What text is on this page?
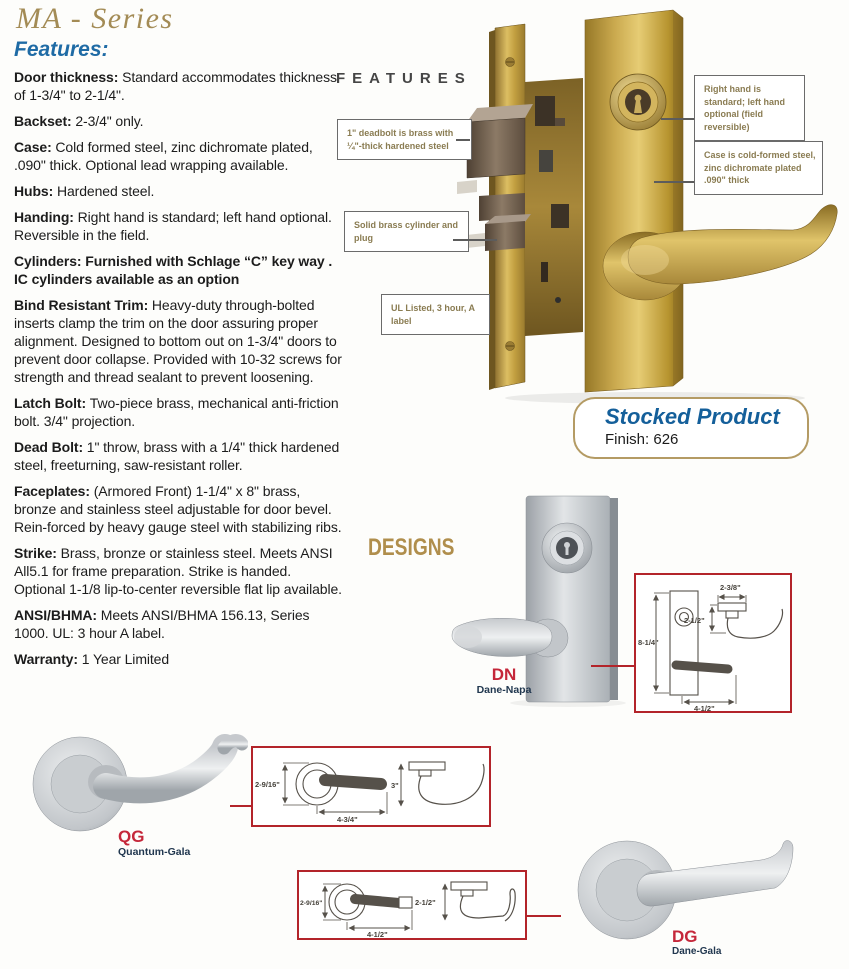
MA - Series
Features:

Door thickness: Standard accommodates thickness of 1-3/4" to 2-1/4".

Backset: 2-3/4" only.

Case: Cold formed steel, zinc dichromate plated, .090" thick. Optional lead wrapping available.

Hubs: Hardened steel.

Handing: Right hand is standard; left hand optional. Reversible in the field.

Cylinders: Furnished with Schlage “C” key way . IC cylinders available as an option

Bind Resistant Trim: Heavy-duty through-bolted inserts clamp the trim on the door assuring proper alignment. Designed to bottom out on 1-3/4" doors to prevent door collapse. Provided with 10-32 screws for strength and thread sealant to prevent loosening.

Latch Bolt: Two-piece brass, mechanical anti-friction bolt. 3/4" projection.

Dead Bolt: 1" throw, brass with a 1/4" thick hardened steel, freeturning, saw-resistant roller.

Faceplates: (Armored Front) 1-1/4" x 8" brass, bronze and stainless steel adjustable for door bevel. Rein-forced by heavy gauge steel with stabilizing ribs.

Strike: Brass, bronze or stainless steel. Meets ANSI All5.1 for frame preparation. Strike is handed. Optional 1-1/8 lip-to-center reversible flat lip available.

ANSI/BHMA: Meets ANSI/BHMA 156.13, Series 1000. UL: 3 hour A label.

Warranty: 1 Year Limited

FEATURES
1" deadbolt is brass with ¼"-thick hardened steel
Solid brass cylinder and plug
UL Listed, 3 hour, A label
Right hand is standard; left hand optional (field reversible)
Case is cold-formed steel, zinc dichromate plated .090" thick
Stocked Product
Finish: 626
DESIGNS
DN
Dane-Napa
8-1/4"
4-1/2"
2-3/8"
2-1/2"
QG
Quantum-Gala
2-9/16"
4-3/4"
3"
2-9/16"
4-1/2"
2-1/2"
DG
Dane-Gala
